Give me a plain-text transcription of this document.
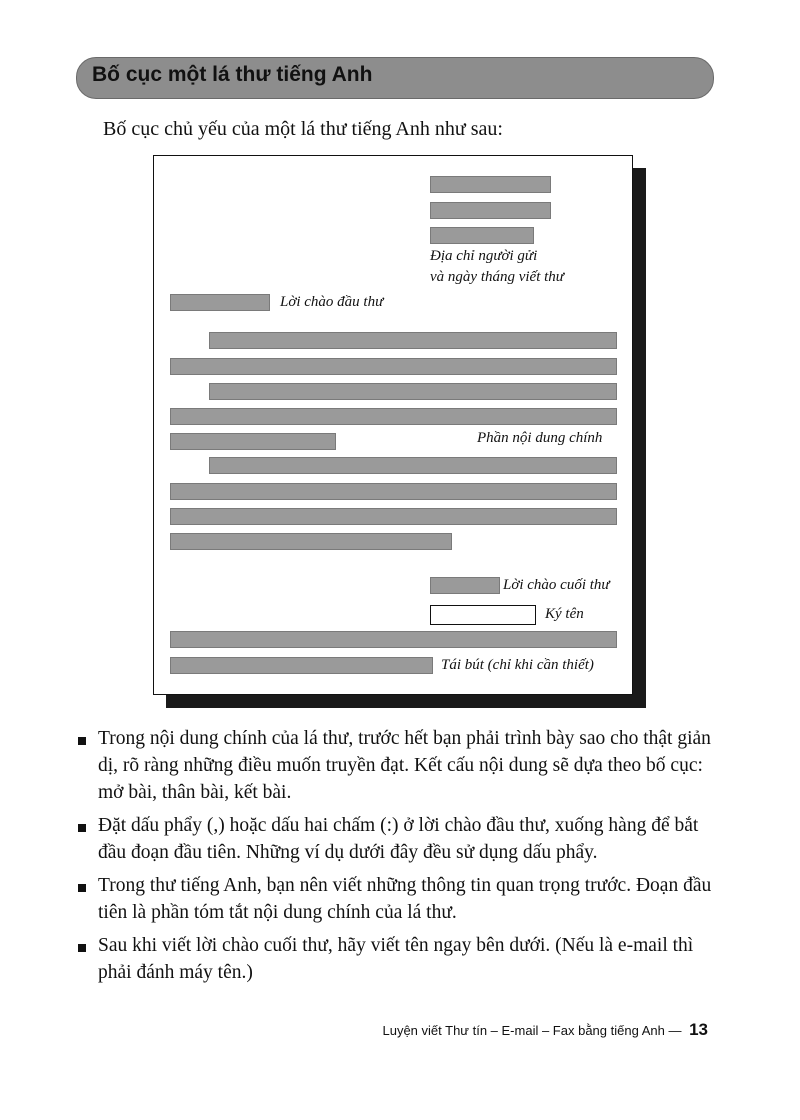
Bố cục một lá thư tiếng Anh
Bố cục chủ yếu của một lá thư tiếng Anh như sau:
Địa chỉ người gửi
và ngày tháng viết thư
Lời chào đầu thư
Phần nội dung chính
Lời chào cuối thư
Ký tên
Tái bút (chỉ khi cần thiết)
Trong nội dung chính của lá thư, trước hết bạn phải trình bày sao cho thật giản dị, rõ ràng những điều muốn truyền đạt. Kết cấu nội dung sẽ dựa theo bố cục: mở bài, thân bài, kết bài.
Đặt dấu phẩy (,) hoặc dấu hai chấm (:) ở lời chào đầu thư, xuống hàng để bắt đầu đoạn đầu tiên. Những ví dụ dưới đây đều sử dụng dấu phẩy.
Trong thư tiếng Anh, bạn nên viết những thông tin quan trọng trước. Đoạn đầu tiên là phần tóm tắt nội dung chính của lá thư.
Sau khi viết lời chào cuối thư, hãy viết tên ngay bên dưới. (Nếu là e-mail thì phải đánh máy tên.)
Luyện viết Thư tín – E-mail – Fax bằng tiếng Anh — 13
